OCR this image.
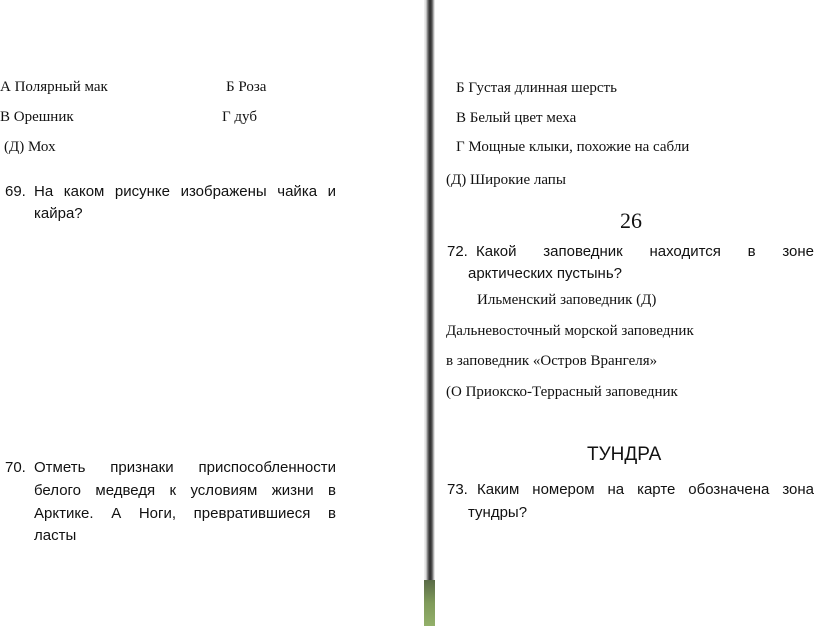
А Полярный мак	Б Роза
В Орешник	Г дуб
(Д) Мох
69. На каком рисунке изображены чайка и
кайра?
70. Отметь признаки приспособленности
белого медведя к условиям жизни в
Арктике. А Ноги, превратившиеся в
ласты
Б Густая длинная шерсть
В Белый цвет меха
Г Мощные клыки, похожие на сабли
(Д) Широкие лапы
26
72. Какой заповедник находится в зоне
арктических пустынь?
Ильменский заповедник (Д)
Дальневосточный морской заповедник
в заповедник «Остров Врангеля»
(О Приокско-Террасный заповедник
ТУНДРА
73. Каким номером на карте обозначена зона
тундры?
